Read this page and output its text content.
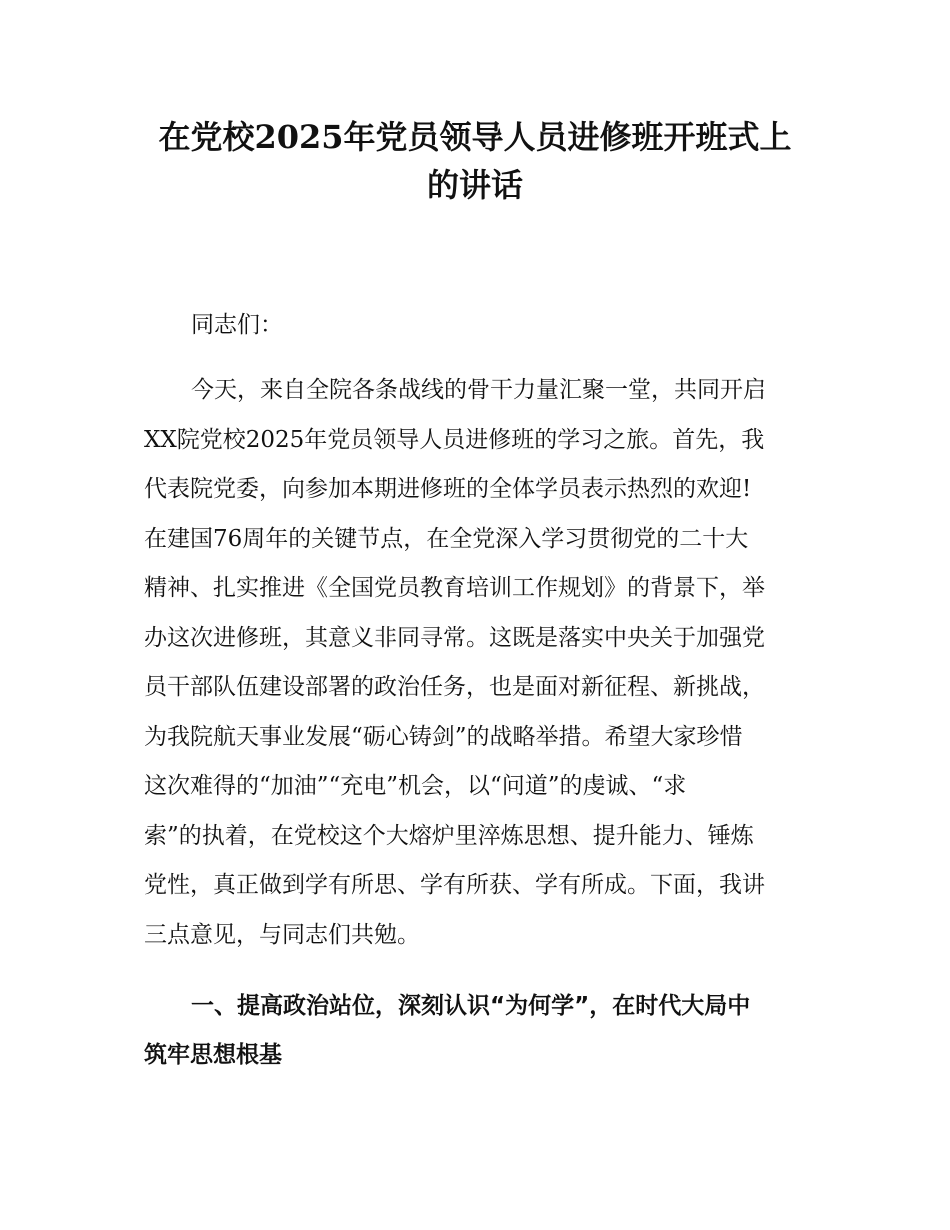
在党校2025年党员领导人员进修班开班式上
的讲话

同志们：

今天，来自全院各条战线的骨干力量汇聚一堂，共同开启
XX院党校2025年党员领导人员进修班的学习之旅。首先，我
代表院党委，向参加本期进修班的全体学员表示热烈的欢迎!
在建国76周年的关键节点，在全党深入学习贯彻党的二十大
精神、扎实推进《全国党员教育培训工作规划》的背景下，举
办这次进修班，其意义非同寻常。这既是落实中央关于加强党
员干部队伍建设部署的政治任务，也是面对新征程、新挑战，
为我院航天事业发展“砺心铸剑”的战略举措。希望大家珍惜
这次难得的“加油”“充电”机会，以“问道”的虔诚、“求
索”的执着，在党校这个大熔炉里淬炼思想、提升能力、锤炼
党性，真正做到学有所思、学有所获、学有所成。下面，我讲
三点意见，与同志们共勉。
一、提高政治站位，深刻认识“为何学”，在时代大局中
筑牢思想根基
